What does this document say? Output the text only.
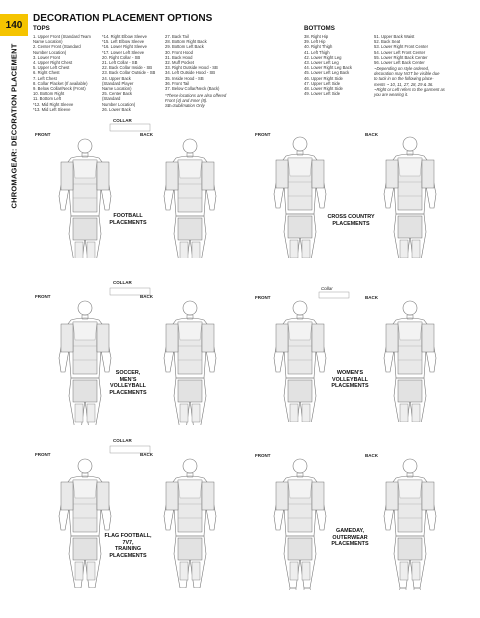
140
CHROMAGEAR: DECORATION PLACEMENT
DECORATION PLACEMENT OPTIONS
TOPS
1. Upper Front (Standard Team
Name Location)
2. Center Front (Standard
Number Location)
3. Lower Front
4. Upper Right Chest
5. Upper Left Chest
6. Right Chest
7. Left Chest
8. Collar Placket (If available)
9. Below Collar/Neck (Front)
10. Bottom Right
11. Bottom Left
*12. Mid Right Sleeve
*13. Mid Left Sleeve
*14. Right Elbow Sleeve
*15. Left Elbow Sleeve
*16. Lower Right Sleeve
*17. Lower Left Sleeve
20. Right Collar - SB
21. Left Collar - SB
22. Back Collar Inside - SB
23. Back Collar Outside - SB
24. Upper Back
(Standard Player
Name Location)
25. Center Back
(Standard
Number Location)
26. Lower Back
27. Back Tail
28. Bottom Right Back
29. Bottom Left Back
30. Front Hood
31. Back Hood
32. Muff Pocket
33. Right Outside Hood - SB
34. Left Outside Hood - SB
35. Inside Hood - SB
36. Front Tail
37. Below Collar/Neck (Back)
*These locations are also offered
Front (4) and Inner (8).
SB=Sublimation Only
BOTTOMS
38. Right Hip
39. Left Hip
40. Right Thigh
41. Left Thigh
42. Lower Right Leg
43. Lower Left Leg
44. Lower Right Leg Back
45. Lower Left Leg Back
46. Upper Right Side
47. Upper Left Side
48. Lower Right Side
49. Lower Left Side
51. Upper Back Waist
52. Back Seat
53. Lower Right Front Center
54. Lower Left Front Center
55. Lower Right Back Center
56. Lower Left Back Center
~Depending on style ordered,
decoration may NOT be visible due
to tuck in on the following place-
ments ~ 10, 11, 27, 28, 29 & 36.
~Right or Left refers to the garment as
you are wearing it.
COLLAR
FRONT	BACK
FOOTBALL
PLACEMENTS
FRONT	BACK
CROSS COUNTRY
PLACEMENTS
COLLAR
FRONT	BACK
SOCCER,
MEN'S
VOLLEYBALL
PLACEMENTS
Collar
FRONT	BACK
WOMEN'S
VOLLEYBALL
PLACEMENTS
COLLAR
FRONT	BACK
FLAG FOOTBALL,
7V7,
TRAINING
PLACEMENTS
FRONT	BACK
GAMEDAY,
OUTERWEAR
PLACEMENTS
